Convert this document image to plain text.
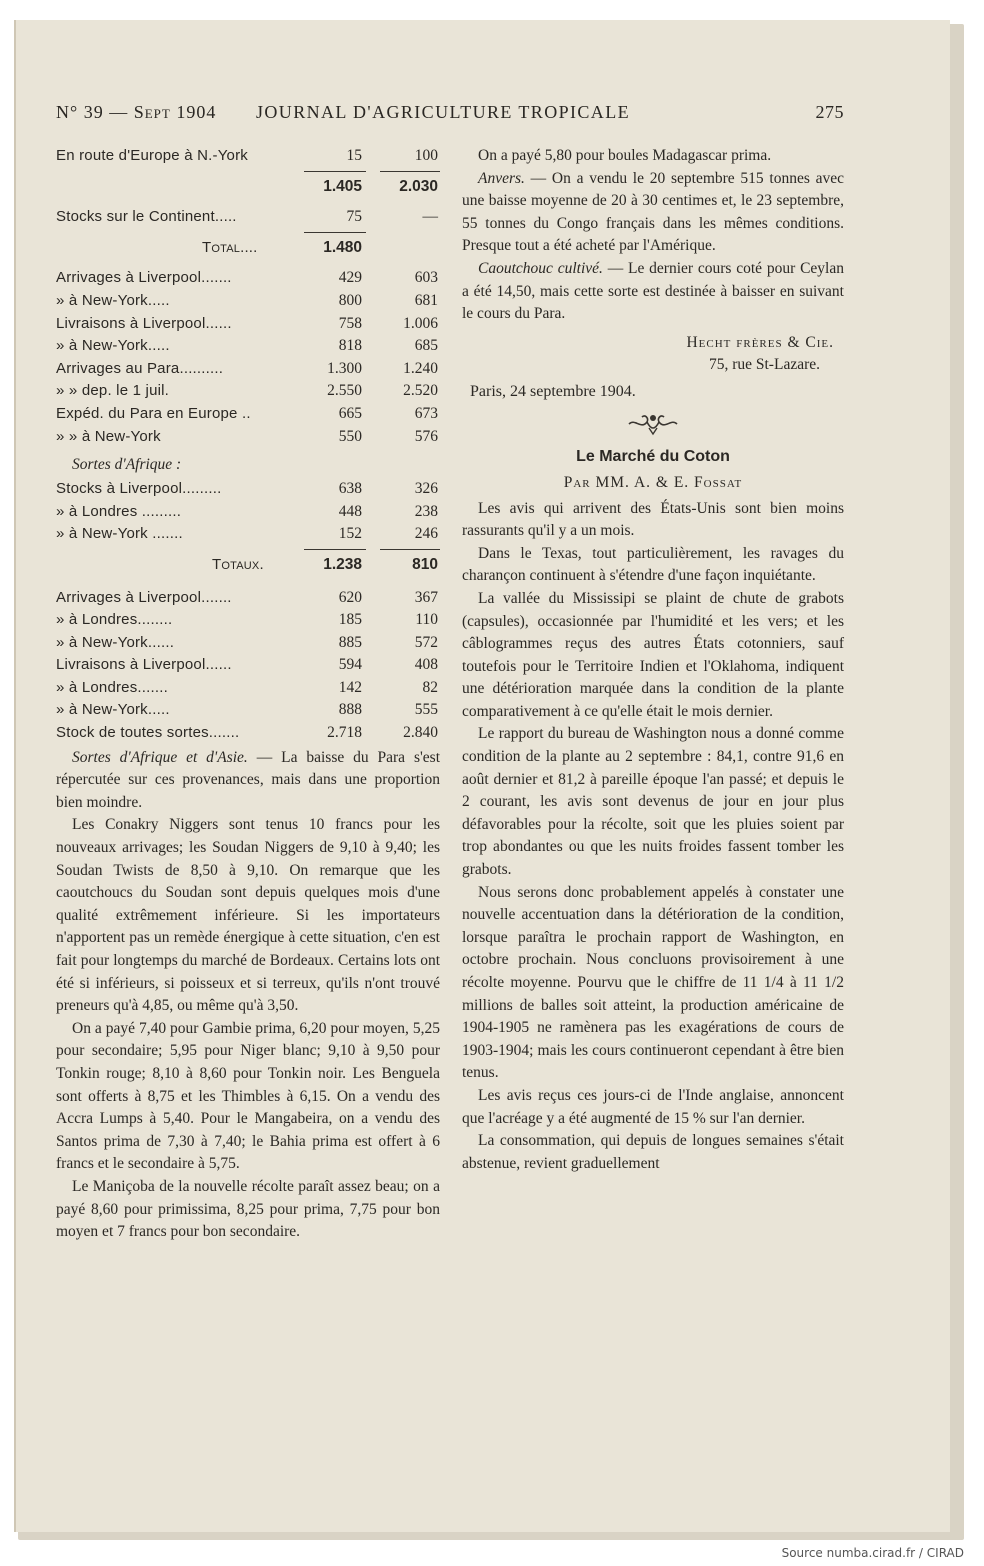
N° 39 — Sept 1904 JOURNAL D'AGRICULTURE TROPICALE	275
En route d'Europe à N.-York	15	100
1.405	2.030
Stocks sur le Continent.....	75	—
Total....	1.480
Arrivages à Liverpool.......	429	603
» à New-York.....	800	681
Livraisons à Liverpool......	758	1.006
» à New-York.....	818	685
Arrivages au Para..........	1.300	1.240
» » dep. le 1 juil.	2.550	2.520
Expéd. du Para en Europe ..	665	673
» » à New-York	550	576
Sortes d'Afrique :
Stocks à Liverpool.........	638	326
» à Londres .........	448	238
» à New-York .......	152	246
Totaux.	1.238	810
Arrivages à Liverpool.......	620	367
» à Londres........	185	110
» à New-York......	885	572
Livraisons à Liverpool......	594	408
» à Londres.......	142	82
» à New-York.....	888	555
Stock de toutes sortes.......	2.718	2.840

Sortes d'Afrique et d'Asie. — La baisse du Para s'est répercutée sur ces provenances, mais dans une proportion bien moindre.

Les Conakry Niggers sont tenus 10 francs pour les nouveaux arrivages; les Soudan Niggers de 9,10 à 9,40; les Soudan Twists de 8,50 à 9,10. On remarque que les caoutchoucs du Soudan sont depuis quelques mois d'une qualité extrêmement inférieure. Si les importateurs n'apportent pas un remède énergique à cette situation, c'en est fait pour longtemps du marché de Bordeaux. Certains lots ont été si inférieurs, si poisseux et si terreux, qu'ils n'ont trouvé preneurs qu'à 4,85, ou même qu'à 3,50.

On a payé 7,40 pour Gambie prima, 6,20 pour moyen, 5,25 pour secondaire; 5,95 pour Niger blanc; 9,10 à 9,50 pour Tonkin rouge; 8,10 à 8,60 pour Tonkin noir. Les Benguela sont offerts à 8,75 et les Thimbles à 6,15. On a vendu des Accra Lumps à 5,40. Pour le Mangabeira, on a vendu des Santos prima de 7,30 à 7,40; le Bahia prima est offert à 6 francs et le secondaire à 5,75.

Le Maniçoba de la nouvelle récolte paraît assez beau; on a payé 8,60 pour primissima, 8,25 pour prima, 7,75 pour bon moyen et 7 francs pour bon secondaire.

On a payé 5,80 pour boules Madagascar prima.

Anvers. — On a vendu le 20 septembre 515 tonnes avec une baisse moyenne de 20 à 30 centimes et, le 23 septembre, 55 tonnes du Congo français dans les mêmes conditions. Presque tout a été acheté par l'Amérique.

Caoutchouc cultivé. — Le dernier cours coté pour Ceylan a été 14,50, mais cette sorte est destinée à baisser en suivant le cours du Para.

Hecht frères & Cie.
75, rue St-Lazare.
Paris, 24 septembre 1904.
Le Marché du Coton
Par MM. A. & E. Fossat

Les avis qui arrivent des États-Unis sont bien moins rassurants qu'il y a un mois.

Dans le Texas, tout particulièrement, les ravages du charançon continuent à s'étendre d'une façon inquiétante.

La vallée du Mississipi se plaint de chute de grabots (capsules), occasionnée par l'humidité et les vers; et les câblogrammes reçus des autres États cotonniers, sauf toutefois pour le Territoire Indien et l'Oklahoma, indiquent une détérioration marquée dans la condition de la plante comparativement à ce qu'elle était le mois dernier.

Le rapport du bureau de Washington nous a donné comme condition de la plante au 2 septembre : 84,1, contre 91,6 en août dernier et 81,2 à pareille époque l'an passé; et depuis le 2 courant, les avis sont devenus de jour en jour plus défavorables pour la récolte, soit que les pluies soient par trop abondantes ou que les nuits froides fassent tomber les grabots.

Nous serons donc probablement appelés à constater une nouvelle accentuation dans la détérioration de la condition, lorsque paraîtra le prochain rapport de Washington, en octobre prochain. Nous concluons provisoirement à une récolte moyenne. Pourvu que le chiffre de 11 1/4 à 11 1/2 millions de balles soit atteint, la production américaine de 1904-1905 ne ramènera pas les exagérations de cours de 1903-1904; mais les cours continueront cependant à être bien tenus.

Les avis reçus ces jours-ci de l'Inde anglaise, annoncent que l'acréage y a été augmenté de 15 % sur l'an dernier.

La consommation, qui depuis de longues semaines s'était abstenue, revient graduellement

Source numba.cirad.fr / CIRAD
